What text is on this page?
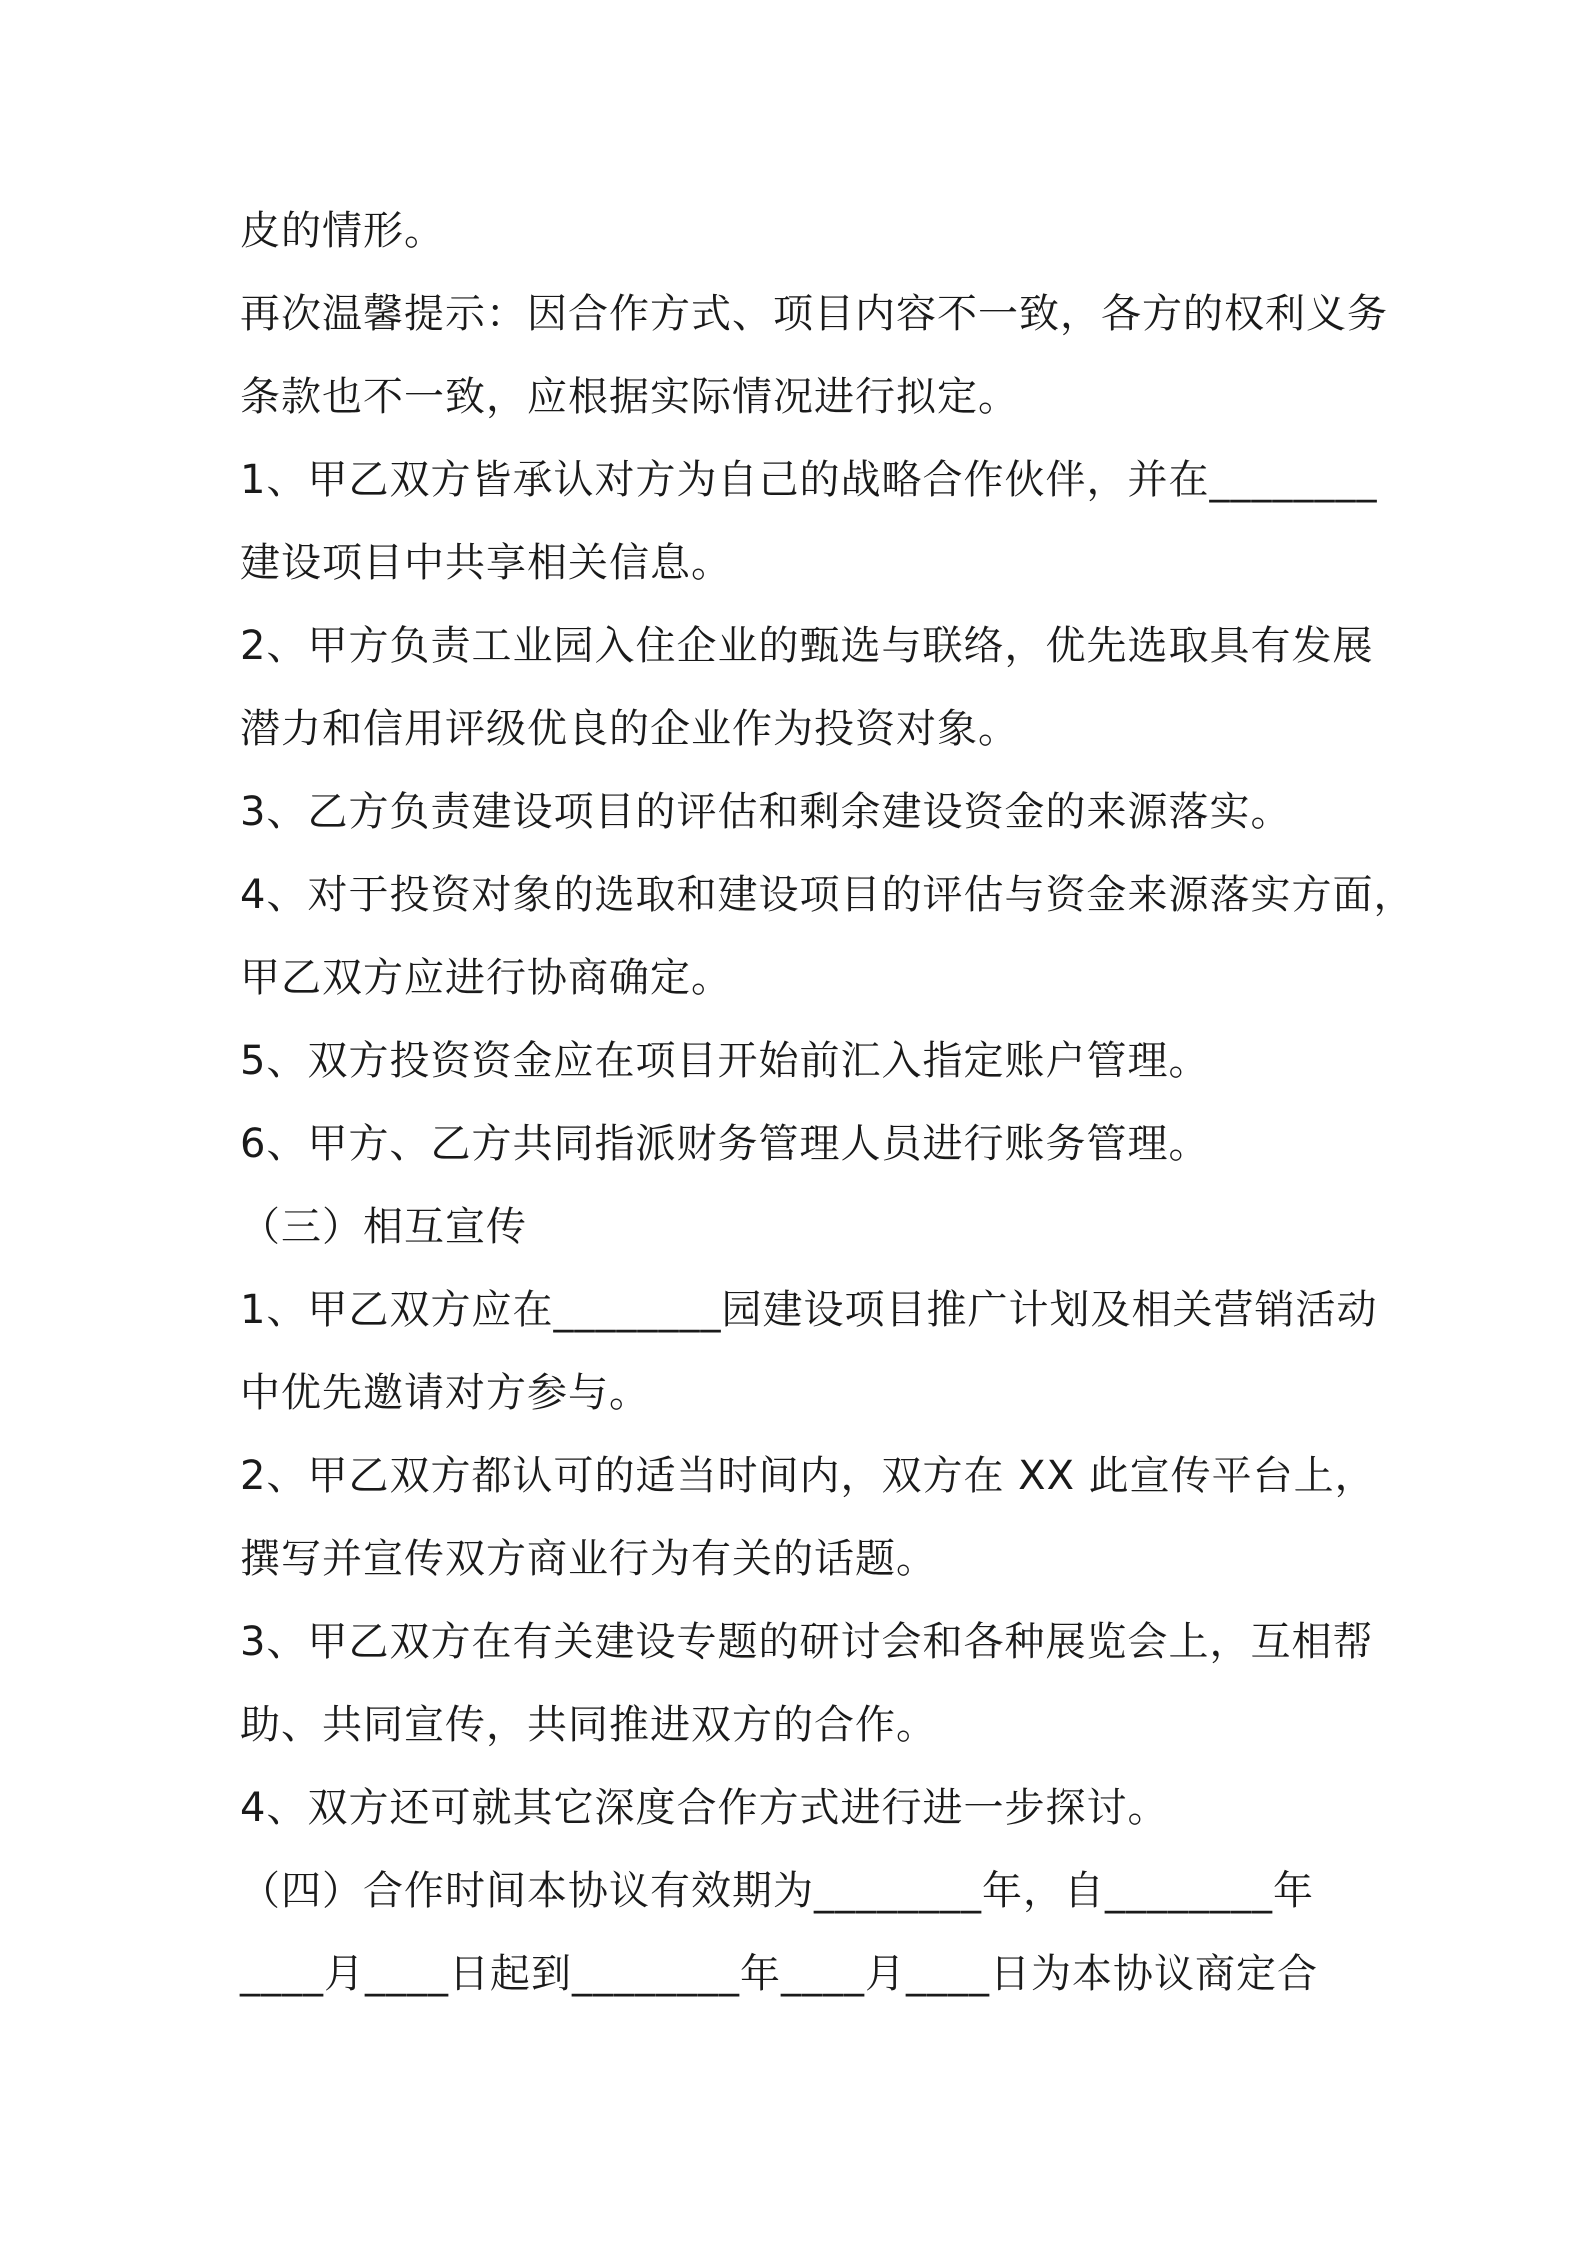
皮的情形。
再次温馨提示：因合作方式、项目内容不一致，各方的权利义务
条款也不一致，应根据实际情况进行拟定。
1、甲乙双方皆承认对方为自己的战略合作伙伴，并在________
建设项目中共享相关信息。
2、甲方负责工业园入住企业的甄选与联络，优先选取具有发展
潜力和信用评级优良的企业作为投资对象。
3、乙方负责建设项目的评估和剩余建设资金的来源落实。
4、对于投资对象的选取和建设项目的评估与资金来源落实方面，
甲乙双方应进行协商确定。
5、双方投资资金应在项目开始前汇入指定账户管理。
6、甲方、乙方共同指派财务管理人员进行账务管理。
（三）相互宣传
1、甲乙双方应在________园建设项目推广计划及相关营销活动
中优先邀请对方参与。
2、甲乙双方都认可的适当时间内，双方在 XX 此宣传平台上，
撰写并宣传双方商业行为有关的话题。
3、甲乙双方在有关建设专题的研讨会和各种展览会上，互相帮
助、共同宣传，共同推进双方的合作。
4、双方还可就其它深度合作方式进行进一步探讨。
（四）合作时间本协议有效期为________年，自________年
____月____日起到________年____月____日为本协议商定合
